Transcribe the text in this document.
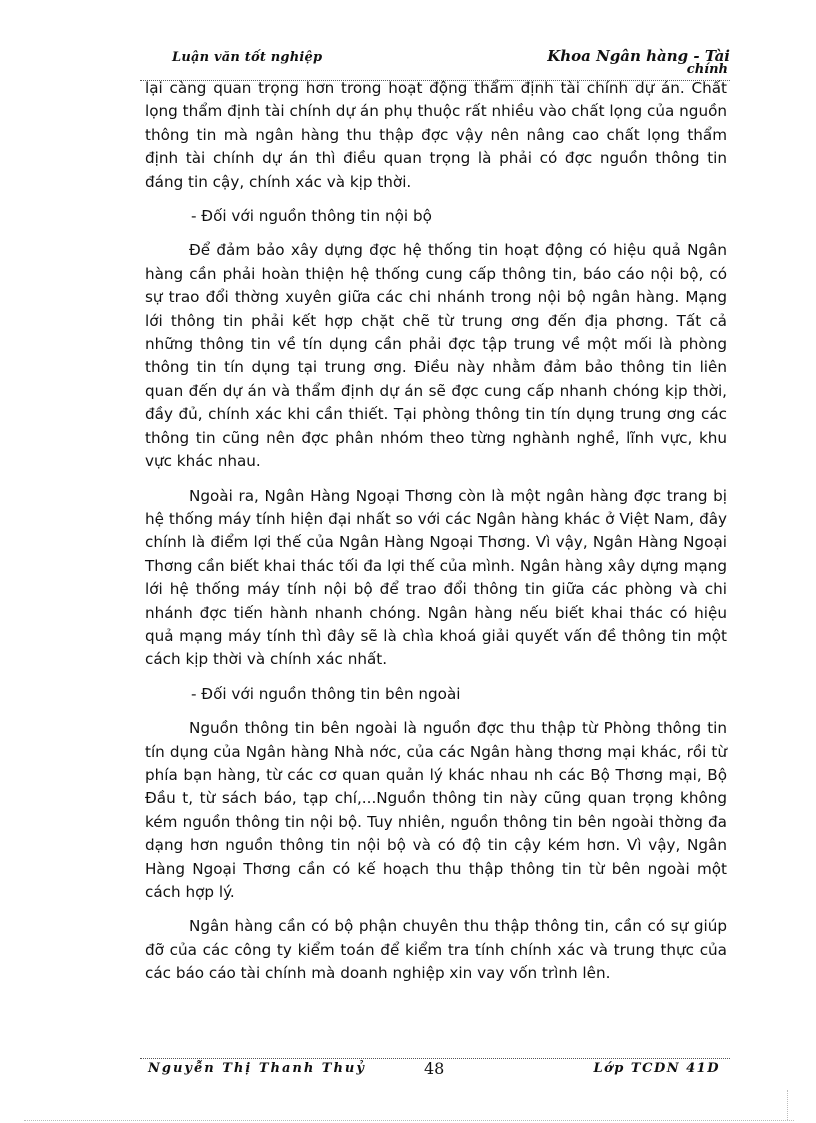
Luận văn tốt nghiệp	Khoa Ngân hàng - Tài
chính

lại càng quan trọng hơn trong hoạt động thẩm định tài chính dự án. Chất lọng thẩm định tài chính dự án phụ thuộc rất nhiều vào chất lọng của nguồn thông tin mà ngân hàng thu thập đợc vậy nên nâng cao chất lọng thẩm định tài chính dự án thì điều quan trọng là phải có đợc nguồn thông tin đáng tin cậy, chính xác và kịp thời.

- Đối với nguồn thông tin nội bộ

Để đảm bảo xây dựng đợc hệ thống tin hoạt động có hiệu quả Ngân hàng cần phải hoàn thiện hệ thống cung cấp thông tin, báo cáo nội bộ, có sự trao đổi thờng xuyên giữa các chi nhánh trong nội bộ ngân hàng. Mạng lới thông tin phải kết hợp chặt chẽ từ trung ơng đến địa phơng. Tất cả những thông tin về tín dụng cần phải đợc tập trung về một mối là phòng thông tin tín dụng tại trung ơng. Điều này nhằm đảm bảo thông tin liên quan đến dự án và thẩm định dự án sẽ đợc cung cấp nhanh chóng kịp thời, đầy đủ, chính xác khi cần thiết. Tại phòng thông tin tín dụng trung ơng các thông tin cũng nên đợc phân nhóm theo từng nghành nghề, lĩnh vực, khu vực khác nhau.

Ngoài ra, Ngân Hàng Ngoại Thơng còn là một ngân hàng đợc trang bị hệ thống máy tính hiện đại nhất so với các Ngân hàng khác ở Việt Nam, đây chính là điểm lợi thế của Ngân Hàng Ngoại Thơng. Vì vậy, Ngân Hàng Ngoại Thơng cần biết khai thác tối đa lợi thế của mình. Ngân hàng xây dựng mạng lới hệ thống máy tính nội bộ để trao đổi thông tin giữa các phòng và chi nhánh đợc tiến hành nhanh chóng. Ngân hàng nếu biết khai thác có hiệu quả mạng máy tính thì đây sẽ là chìa khoá giải quyết vấn đề thông tin một cách kịp thời và chính xác nhất.

- Đối với nguồn thông tin bên ngoài

Nguồn thông tin bên ngoài là nguồn đợc thu thập từ Phòng thông tin tín dụng của Ngân hàng Nhà nớc, của các Ngân hàng thơng mại khác, rồi từ phía bạn hàng, từ các cơ quan quản lý khác nhau nh các Bộ Thơng mại, Bộ Đầu t, từ sách báo, tạp chí,...Nguồn thông tin này cũng quan trọng không kém nguồn thông tin nội bộ. Tuy nhiên, nguồn thông tin bên ngoài thờng đa dạng hơn nguồn thông tin nội bộ và có độ tin cậy kém hơn. Vì vậy, Ngân Hàng Ngoại Thơng cần có kế hoạch thu thập thông tin từ bên ngoài một cách hợp lý.

Ngân hàng cần có bộ phận chuyên thu thập thông tin, cần có sự giúp đỡ của các công ty kiểm toán để kiểm tra tính chính xác và trung thực của các báo cáo tài chính mà doanh nghiệp xin vay vốn trình lên.

Nguyễn Thị Thanh Thuỷ	48	Lớp TCDN 41D
